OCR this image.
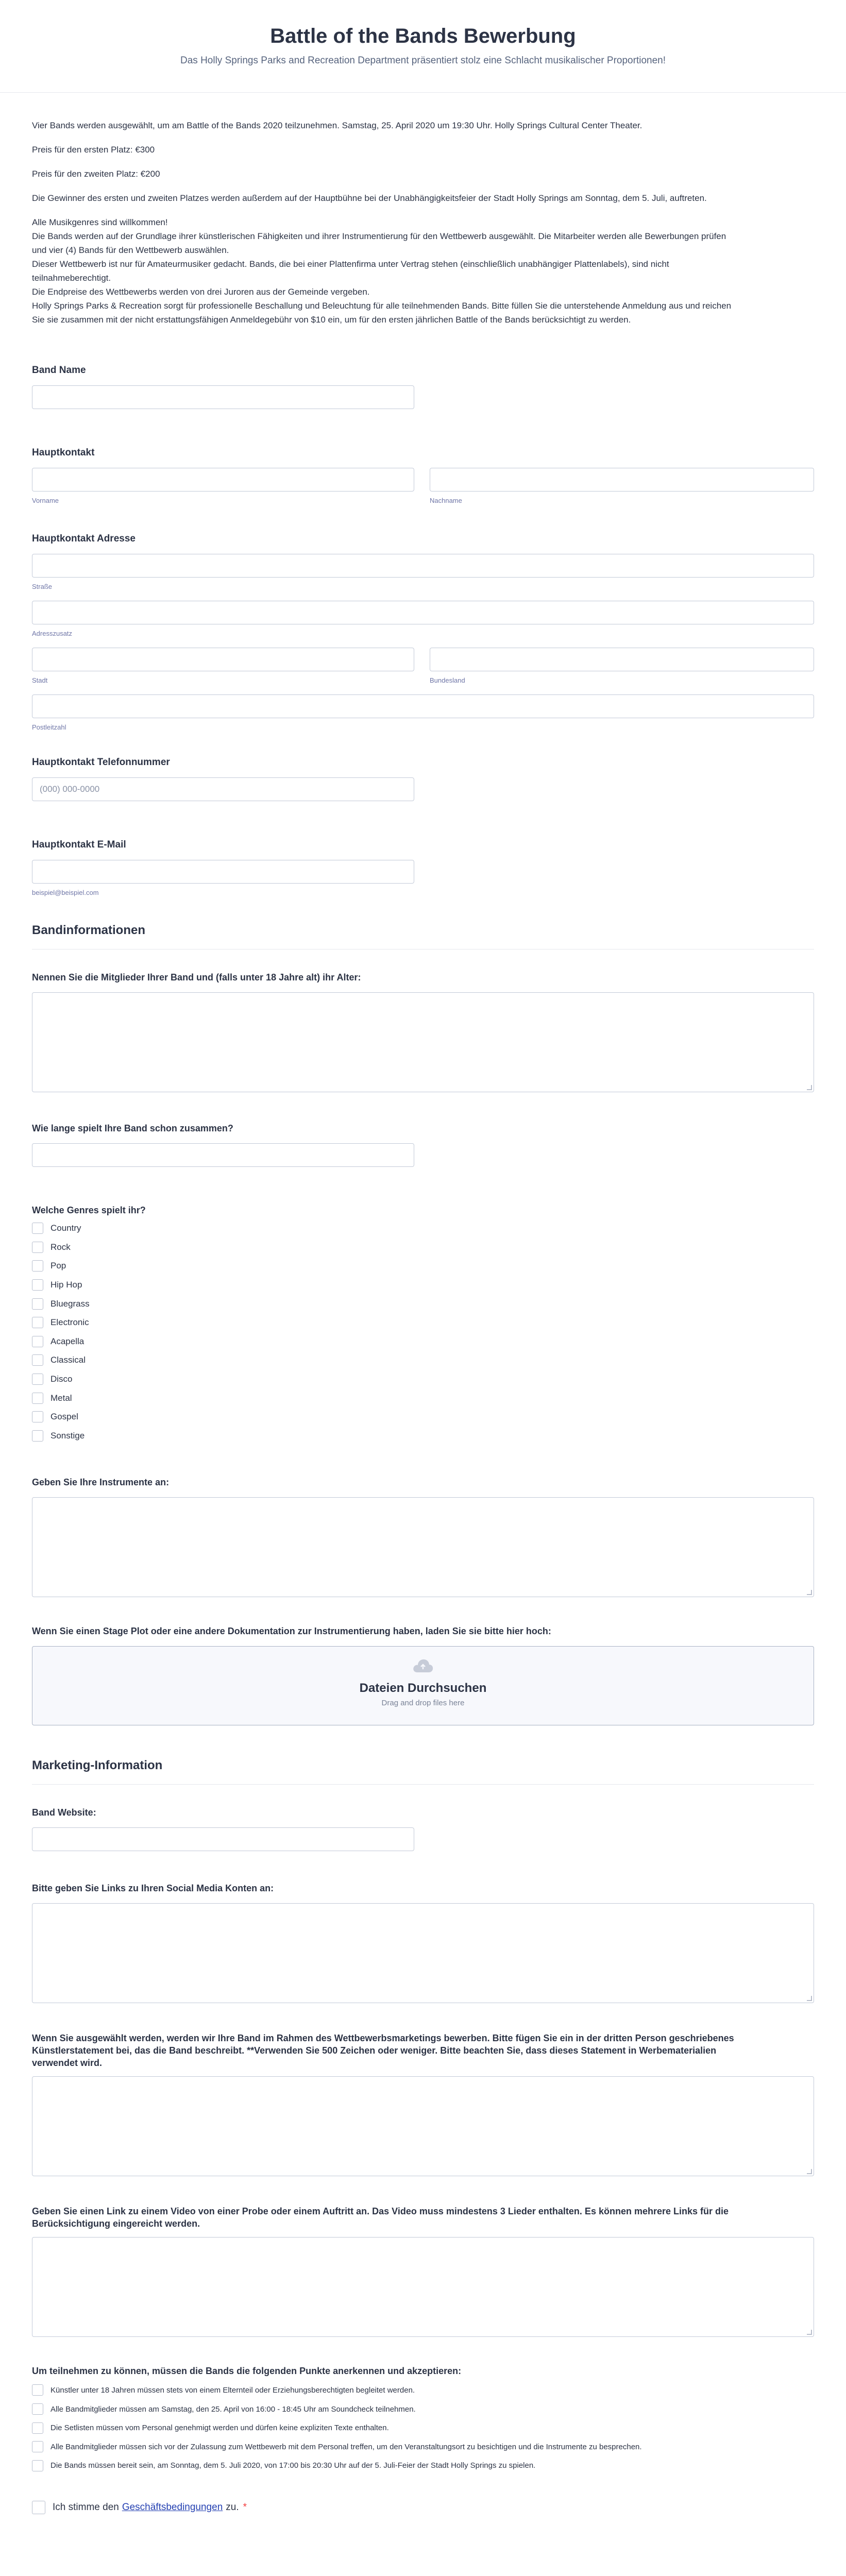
Battle of the Bands Bewerbung
Das Holly Springs Parks and Recreation Department präsentiert stolz eine Schlacht musikalischer Proportionen!

Vier Bands werden ausgewählt, um am Battle of the Bands 2020 teilzunehmen. Samstag, 25. April 2020 um 19:30 Uhr. Holly Springs Cultural Center Theater.

Preis für den ersten Platz: €300

Preis für den zweiten Platz: €200

Die Gewinner des ersten und zweiten Platzes werden außerdem auf der Hauptbühne bei der Unabhängigkeitsfeier der Stadt Holly Springs am Sonntag, dem 5. Juli, auftreten.

Alle Musikgenres sind willkommen!

Die Bands werden auf der Grundlage ihrer künstlerischen Fähigkeiten und ihrer Instrumentierung für den Wettbewerb ausgewählt. Die Mitarbeiter werden alle Bewerbungen prüfen

und vier (4) Bands für den Wettbewerb auswählen.

Dieser Wettbewerb ist nur für Amateurmusiker gedacht. Bands, die bei einer Plattenfirma unter Vertrag stehen (einschließlich unabhängiger Plattenlabels), sind nicht

teilnahmeberechtigt.

Die Endpreise des Wettbewerbs werden von drei Juroren aus der Gemeinde vergeben.

Holly Springs Parks & Recreation sorgt für professionelle Beschallung und Beleuchtung für alle teilnehmenden Bands. Bitte füllen Sie die unterstehende Anmeldung aus und reichen

Sie sie zusammen mit der nicht erstattungsfähigen Anmeldegebühr von $10 ein, um für den ersten jährlichen Battle of the Bands berücksichtigt zu werden.

Band Name
Hauptkontakt
Vorname	Nachname
Hauptkontakt Adresse
Straße
Adresszusatz
Stadt	Bundesland
Postleitzahl
Hauptkontakt Telefonnummer
(000) 000-0000
Hauptkontakt E-Mail
beispiel@beispiel.com
Bandinformationen
Nennen Sie die Mitglieder Ihrer Band und (falls unter 18 Jahre alt) ihr Alter:
Wie lange spielt Ihre Band schon zusammen?
Welche Genres spielt ihr?
Country
Rock
Pop
Hip Hop
Bluegrass
Electronic
Acapella
Classical
Disco
Metal
Gospel
Sonstige
Geben Sie Ihre Instrumente an:
Wenn Sie einen Stage Plot oder eine andere Dokumentation zur Instrumentierung haben, laden Sie sie bitte hier hoch:
Dateien Durchsuchen
Drag and drop files here
Marketing-Information
Band Website:
Bitte geben Sie Links zu Ihren Social Media Konten an:
Wenn Sie ausgewählt werden, werden wir Ihre Band im Rahmen des Wettbewerbsmarketings bewerben. Bitte fügen Sie ein in der dritten Person geschriebenes
Künstlerstatement bei, das die Band beschreibt. **Verwenden Sie 500 Zeichen oder weniger. Bitte beachten Sie, dass dieses Statement in Werbematerialien
verwendet wird.
Geben Sie einen Link zu einem Video von einer Probe oder einem Auftritt an. Das Video muss mindestens 3 Lieder enthalten. Es können mehrere Links für die
Berücksichtigung eingereicht werden.
Um teilnehmen zu können, müssen die Bands die folgenden Punkte anerkennen und akzeptieren:
Künstler unter 18 Jahren müssen stets von einem Elternteil oder Erziehungsberechtigten begleitet werden.
Alle Bandmitglieder müssen am Samstag, den 25. April von 16:00 - 18:45 Uhr am Soundcheck teilnehmen.
Die Setlisten müssen vom Personal genehmigt werden und dürfen keine expliziten Texte enthalten.
Alle Bandmitglieder müssen sich vor der Zulassung zum Wettbewerb mit dem Personal treffen, um den Veranstaltungsort zu besichtigen und die Instrumente zu besprechen.
Die Bands müssen bereit sein, am Sonntag, dem 5. Juli 2020, von 17:00 bis 20:30 Uhr auf der 5. Juli-Feier der Stadt Holly Springs zu spielen.
Ich stimme den Geschäftsbedingungen zu. *
